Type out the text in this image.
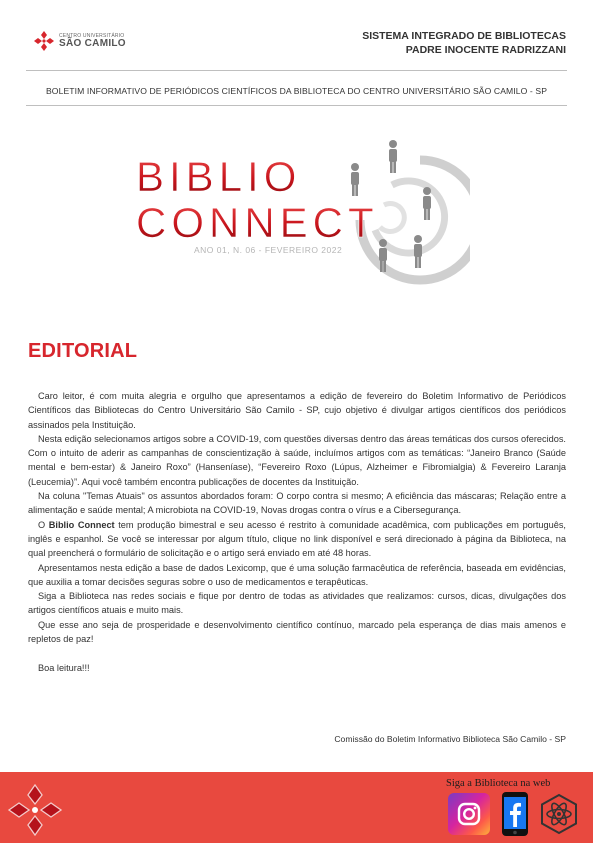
CENTRO UNIVERSITÁRIO
SÃO CAMILO
SISTEMA INTEGRADO DE BIBLIOTECAS
PADRE INOCENTE RADRIZZANI
BOLETIM INFORMATIVO DE PERIÓDICOS CIENTÍFICOS DA BIBLIOTECA DO CENTRO UNIVERSITÁRIO SÃO CAMILO - SP
BIBLIO
CONNECT
ANO 01, N. 06 - FEVEREIRO 2022
EDITORIAL

Caro leitor, é com muita alegria e orgulho que apresentamos a edição de fevereiro do Boletim Informativo de Periódicos Científicos das Bibliotecas do Centro Universitário São Camilo - SP, cujo objetivo é divulgar artigos científicos dos periódicos assinados pela Instituição.

Nesta edição selecionamos artigos sobre a COVID-19, com questões diversas dentro das áreas temáticas dos cursos oferecidos. Com o intuito de aderir as campanhas de conscientização à saúde, incluímos artigos com as temáticas: “Janeiro Branco (Saúde mental e bem-estar) & Janeiro Roxo” (Hanseníase), “Fevereiro Roxo (Lúpus, Alzheimer e Fibromialgia) & Fevereiro Laranja (Leucemia)”. Aqui você também encontra publicações de docentes da Instituição.

Na coluna "Temas Atuais" os assuntos abordados foram: O corpo contra si mesmo; A eficiência das máscaras; Relação entre a alimentação e saúde mental; A microbiota na COVID-19, Novas drogas contra o vírus e a Cibersegurança.

O Biblio Connect tem produção bimestral e seu acesso é restrito à comunidade acadêmica, com publicações em português, inglês e espanhol. Se você se interessar por algum título, clique no link disponível e será direcionado à página da Biblioteca, na qual preencherá o formulário de solicitação e o artigo será enviado em até 48 horas.

Apresentamos nesta edição a base de dados Lexicomp, que é uma solução farmacêutica de referência, baseada em evidências, que auxilia a tomar decisões seguras sobre o uso de medicamentos e terapêuticas.

Siga a Biblioteca nas redes sociais e fique por dentro de todas as atividades que realizamos: cursos, dicas, divulgações dos artigos científicos atuais e muito mais.

Que esse ano seja de prosperidade e desenvolvimento científico contínuo, marcado pela esperança de dias mais amenos e repletos de paz!

Boa leitura!!!

Comissão do Boletim Informativo Biblioteca São Camilo - SP
Siga a Biblioteca na web
